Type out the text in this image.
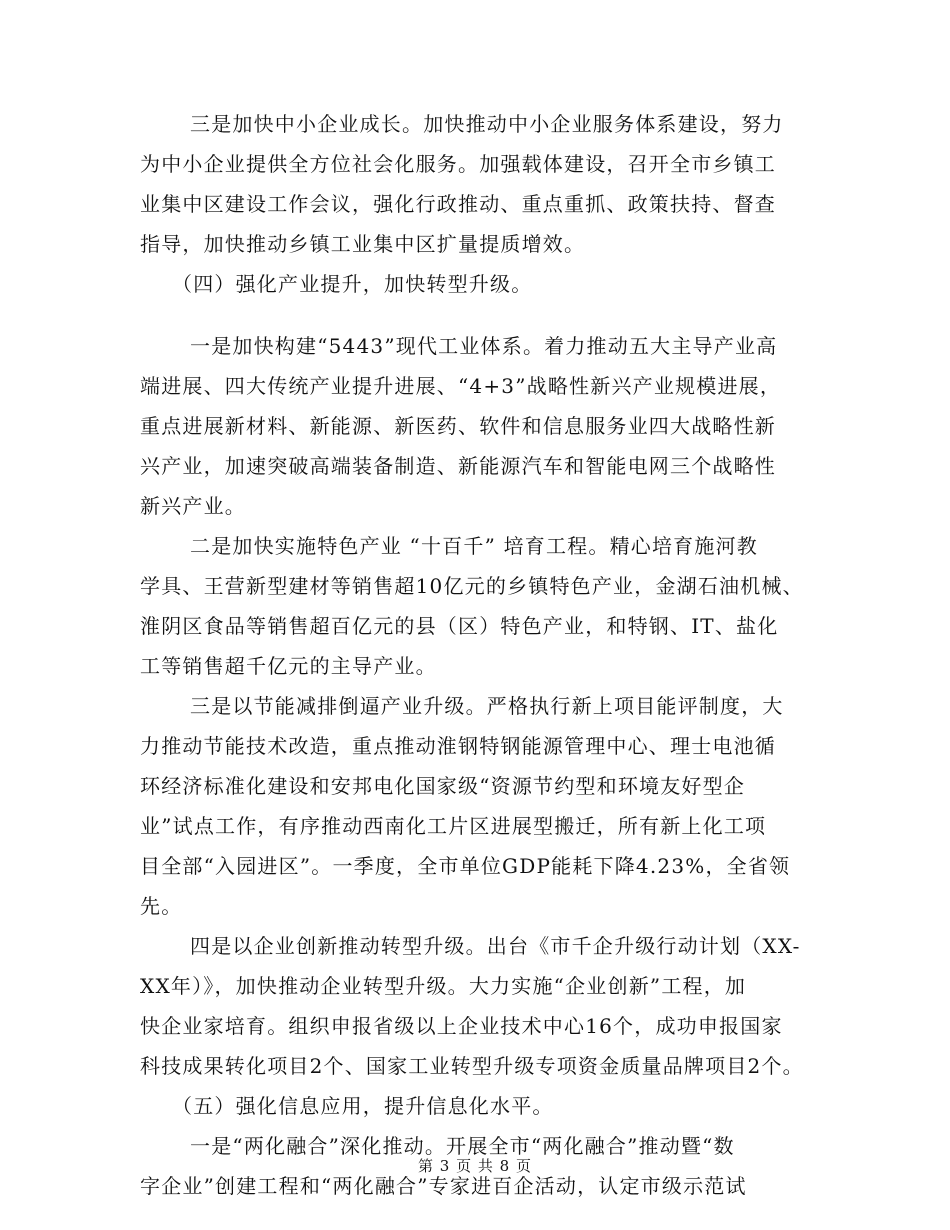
三是加快中小企业成长。加快推动中小企业服务体系建设，努力
为中小企业提供全方位社会化服务。加强载体建设，召开全市乡镇工
业集中区建设工作会议，强化行政推动、重点重抓、政策扶持、督查
指导，加快推动乡镇工业集中区扩量提质增效。
（四）强化产业提升，加快转型升级。
一是加快构建“5443”现代工业体系。着力推动五大主导产业高
端进展、四大传统产业提升进展、“4+3”战略性新兴产业规模进展，
重点进展新材料、新能源、新医药、软件和信息服务业四大战略性新
兴产业，加速突破高端装备制造、新能源汽车和智能电网三个战略性
新兴产业。
二是加快实施特色产业 “十百千” 培育工程。精心培育施河教
学具、王营新型建材等销售超10亿元的乡镇特色产业，金湖石油机械、
淮阴区食品等销售超百亿元的县（区）特色产业，和特钢、IT、盐化
工等销售超千亿元的主导产业。
三是以节能减排倒逼产业升级。严格执行新上项目能评制度，大
力推动节能技术改造，重点推动淮钢特钢能源管理中心、理士电池循
环经济标准化建设和安邦电化国家级“资源节约型和环境友好型企
业”试点工作，有序推动西南化工片区进展型搬迁，所有新上化工项
目全部“入园进区”。一季度，全市单位GDP能耗下降4.23%，全省领
先。
四是以企业创新推动转型升级。出台《市千企升级行动计划（XX-
XX年）》，加快推动企业转型升级。大力实施“企业创新”工程，加
快企业家培育。组织申报省级以上企业技术中心16个，成功申报国家
科技成果转化项目2个、国家工业转型升级专项资金质量品牌项目2个。
（五）强化信息应用，提升信息化水平。
一是“两化融合”深化推动。开展全市“两化融合”推动暨“数
字企业”创建工程和“两化融合”专家进百企活动，认定市级示范试
第 3 页 共 8 页
